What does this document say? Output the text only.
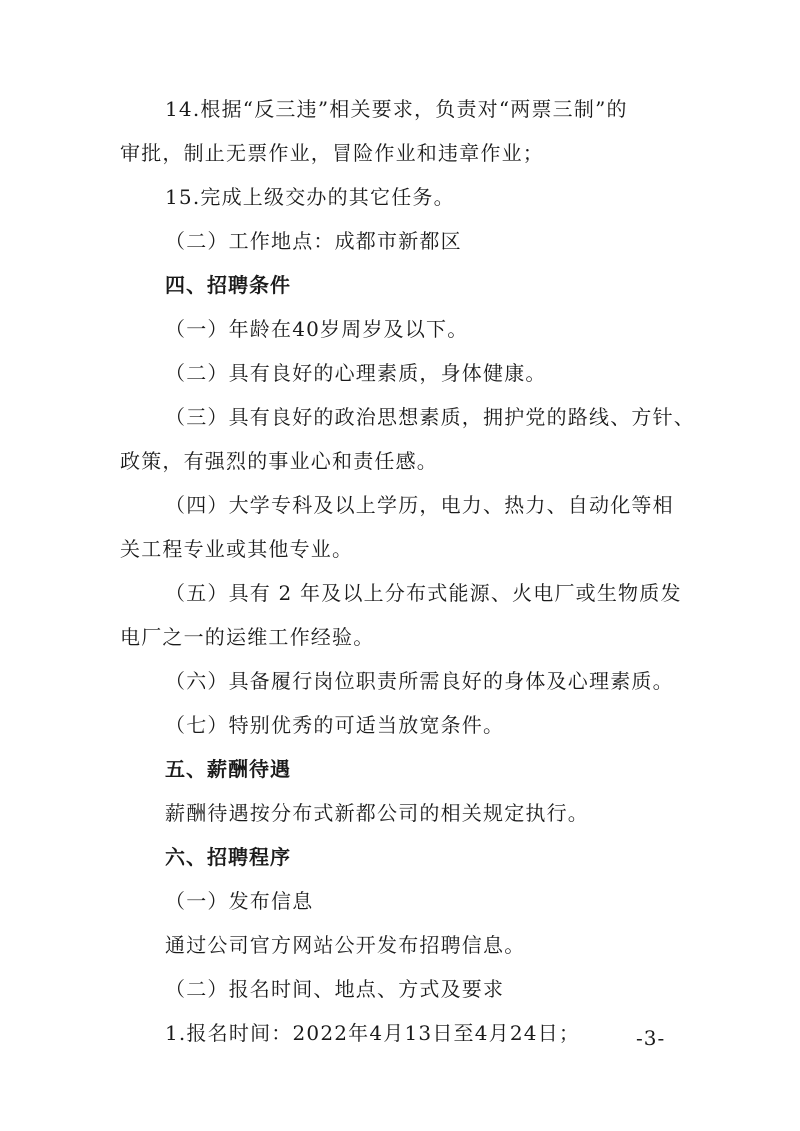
14.根据“反三违”相关要求，负责对“两票三制”的
审批，制止无票作业，冒险作业和违章作业；
15.完成上级交办的其它任务。
（二）工作地点：成都市新都区
四、招聘条件
（一）年龄在40岁周岁及以下。
（二）具有良好的心理素质，身体健康。
（三）具有良好的政治思想素质，拥护党的路线、方针、
政策，有强烈的事业心和责任感。
（四）大学专科及以上学历，电力、热力、自动化等相
关工程专业或其他专业。
（五）具有 2 年及以上分布式能源、火电厂或生物质发
电厂之一的运维工作经验。
（六）具备履行岗位职责所需良好的身体及心理素质。
（七）特别优秀的可适当放宽条件。
五、薪酬待遇
薪酬待遇按分布式新都公司的相关规定执行。
六、招聘程序
（一）发布信息
通过公司官方网站公开发布招聘信息。
（二）报名时间、地点、方式及要求
1.报名时间：2022年4月13日至4月24日；	-3-
